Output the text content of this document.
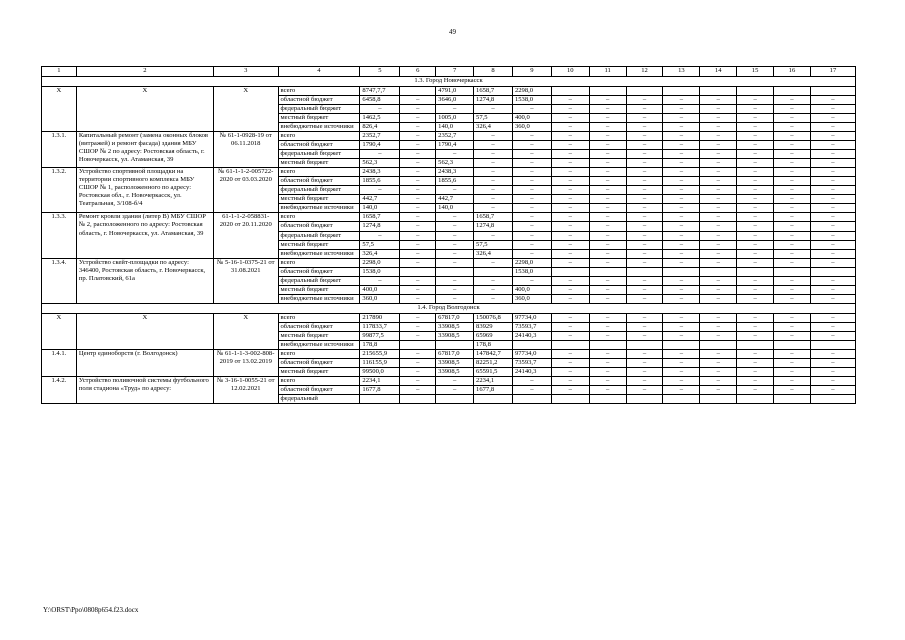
49
1	2	3	4	5	6	7	8	9	10	11	12	13	14	15	16	17
1.3. Город Новочеркасск																
X	X	X	всего	8747,7,7		4791,0	1658,7	2298,0								
			областной бюджет	6458,8	–	3646,0	1274,8	1538,0	–	–	–	–	–	–	–	–
			федеральный бюджет	–	–	–	–	–	–	–	–	–	–	–	–	–
			местный бюджет	1462,5	–	1005,0	57,5	400,0	–	–	–	–	–	–	–	–
			внебюджетные источники	826,4	–	140,0	326,4	360,0	–	–	–	–	–	–	–	–
1.3.1.	Капитальный ремонт (замена оконных блоков (витражей) и ремонт фасада) здания МБУ СШОР № 2 по адресу: Ростовская область, г. Новочеркасск, ул. Атаманская, 39	№ 61-1-0928-19 от 06.11.2018	всего	2352,7	–	2352,7	–	–	–	–	–	–	–	–	–	–
			областной бюджет	1790,4	–	1790,4	–	–	–	–	–	–	–	–	–	–
			федеральный бюджет	–	–	–	–	–	–	–	–	–	–	–	–	–
			местный бюджет	562,3	–	562,3	–	–	–	–	–	–	–	–	–	–
1.3.2.	Устройство спортивной площадки на территории спортивного комплекса МБУ СШОР № 1, расположенного по адресу: Ростовская обл., г. Новочеркасск, ул. Театральная, 3/108-б/4	№ 61-1-1-2-005722-2020 от 03.03.2020	всего	2438,3	–	2438,3	–	–	–	–	–	–	–	–	–	–
			областной бюджет	1855,6	–	1855,6	–	–	–	–	–	–	–	–	–	–
			федеральный бюджет	–	–	–	–	–	–	–	–	–	–	–	–	–
			местный бюджет	442,7	–	442,7	–	–	–	–	–	–	–	–	–	–
			внебюджетные источники	140,0	–	140,0	–	–	–	–	–	–	–	–	–	–
1.3.3.	Ремонт кровли здания (литер В) МБУ СШОР № 2, расположенного по адресу: Ростовская область, г. Новочеркасск, ул. Атаманская, 39	61-1-1-2-058831-2020 от 20.11.2020	всего	1658,7	–	–	1658,7	–	–	–	–	–	–	–	–	–
			областной бюджет	1274,8	–	–	1274,8	–	–	–	–	–	–	–	–	–
			федеральный бюджет	–	–	–	–	–	–	–	–	–	–	–	–	–
			местный бюджет	57,5	–	–	57,5	–	–	–	–	–	–	–	–	–
			внебюджетные источники	326,4	–	–	326,4	–	–	–	–	–	–	–	–	–
1.3.4.	Устройство скейт-площадки по адресу: 346400, Ростовская область, г. Новочеркасск, пр. Платовский, 61а	№ 5-16-1-0375-21 от 31.08.2021	всего	2298,0	–	–	–	2298,0	–	–	–	–	–	–	–	–
			областной бюджет	1538,0				1538,0								
			федеральный бюджет	–	–	–	–	–	–	–	–	–	–	–	–	–
			местный бюджет	400,0	–	–	–	400,0	–	–	–	–	–	–	–	–
			внебюджетные источники	360,0	–	–	–	360,0	–	–	–	–	–	–	–	–
1.4. Город Волгодонск																
X	X	X	всего	217890	–	67817,0	150076,8	97734,0	–	–	–	–	–	–	–	–
			областной бюджет	117833,7	–	33908,5	83929	73593,7	–	–	–	–	–	–	–	–
			местный бюджет	99877,5	–	33908,5	65969	24140,3	–	–	–	–	–	–	–	–
			внебюджетные источники	178,8			178,8									
1.4.1.	Центр единоборств (г. Волгодонск)	№ 61-1-1-3-002-808-2019 от 13.02.2019	всего	215655,9	–	67817,0	147842,7	97734,0	–	–	–	–	–	–	–	–
			областной бюджет	116155,9	–	33908,5	82251,2	73593,7	–	–	–	–	–	–	–	–
			местный бюджет	99500,0	–	33908,5	65591,5	24140,3	–	–	–	–	–	–	–	–
1.4.2.	Устройство поливочной системы футбольного поля стадиона «Труд» по адресу:	№ 3-16-1-0055-21 от 12.02.2021	всего	2234,1	–	–	2234,1	–	–	–	–	–	–	–	–	–
			областной бюджет	1677,8	–	–	1677,8	–	–	–	–	–	–	–	–	–
			федеральный													
Y:\ORST\Ppo\0808p654.f23.docx
